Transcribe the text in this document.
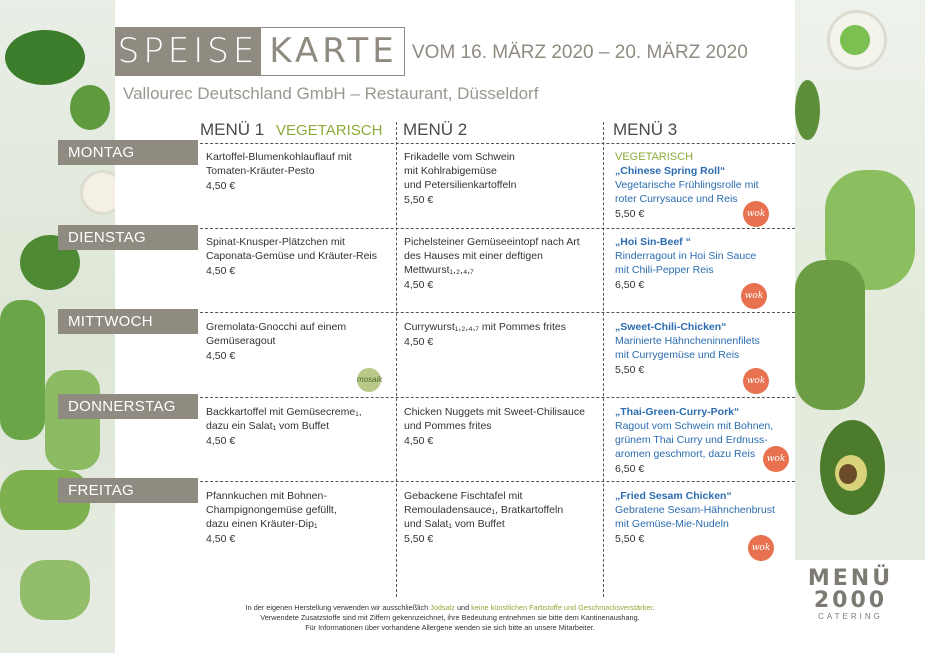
SPEISE KARTE VOM 16. MÄRZ 2020 – 20. MÄRZ 2020
Vallourec Deutschland GmbH – Restaurant, Düsseldorf
MENÜ 1 VEGETARISCH MENÜ 2	MENÜ 3
MONTAG
DIENSTAG
MITTWOCH
DONNERSTAG
FREITAG
Kartoffel-Blumenkohlauflauf mit
Tomaten-Kräuter-Pesto
4,50 €
Frikadelle vom Schwein
mit Kohlrabigemüse
und Petersilienkartoffeln
5,50 €
VEGETARISCH
„Chinese Spring Roll“
Vegetarische Frühlingsrolle mit
roter Currysauce und Reis
5,50 €	wok
Spinat-Knusper-Plätzchen mit
Caponata-Gemüse und Kräuter-Reis
4,50 €
Pichelsteiner Gemüseeintopf nach Art
des Hauses mit einer deftigen
Mettwurst₁,₂,₄,₇
4,50 €
„Hoi Sin-Beef “
Rinderragout in Hoi Sin Sauce
mit Chili-Pepper Reis
6,50 €
wok
Gremolata-Gnocchi auf einem
Gemüseragout
4,50 €
mosaik
Currywurst₁,₂,₄,₇ mit Pommes frites
4,50 €
„Sweet-Chili-Chicken“
Marinierte Hähncheninnenfilets
mit Currygemüse und Reis
5,50 €
wok
Backkartoffel mit Gemüsecreme₁,
dazu ein Salat₁ vom Buffet
4,50 €
Chicken Nuggets mit Sweet-Chilisauce
und Pommes frites
4,50 €
„Thai-Green-Curry-Pork“
Ragout vom Schwein mit Bohnen,
grünem Thai Curry und Erdnuss-
aromen geschmort, dazu Reis
6,50 €
wok
Pfannkuchen mit Bohnen-
Champignongemüse gefüllt,
dazu einen Kräuter-Dip₁
4,50 €
Gebackene Fischtafel mit
Remouladensauce₁, Bratkartoffeln
und Salat₁ vom Buffet
5,50 €
„Fried Sesam Chicken“
Gebratene Sesam-Hähnchenbrust
mit Gemüse-Mie-Nudeln
5,50 €
wok
In der eigenen Herstellung verwenden wir ausschließlich Jodsalz und keine künstlichen Farbstoffe und Geschmacksverstärker.
Verwendete Zusatzstoffe sind mit Ziffern gekennzeichnet, ihre Bedeutung entnehmen sie bitte dem Kantinenaushang.
Für Informationen über vorhandene Allergene wenden sie sich bitte an unsere Mitarbeiter.
MENÜ
2000
CATERING
